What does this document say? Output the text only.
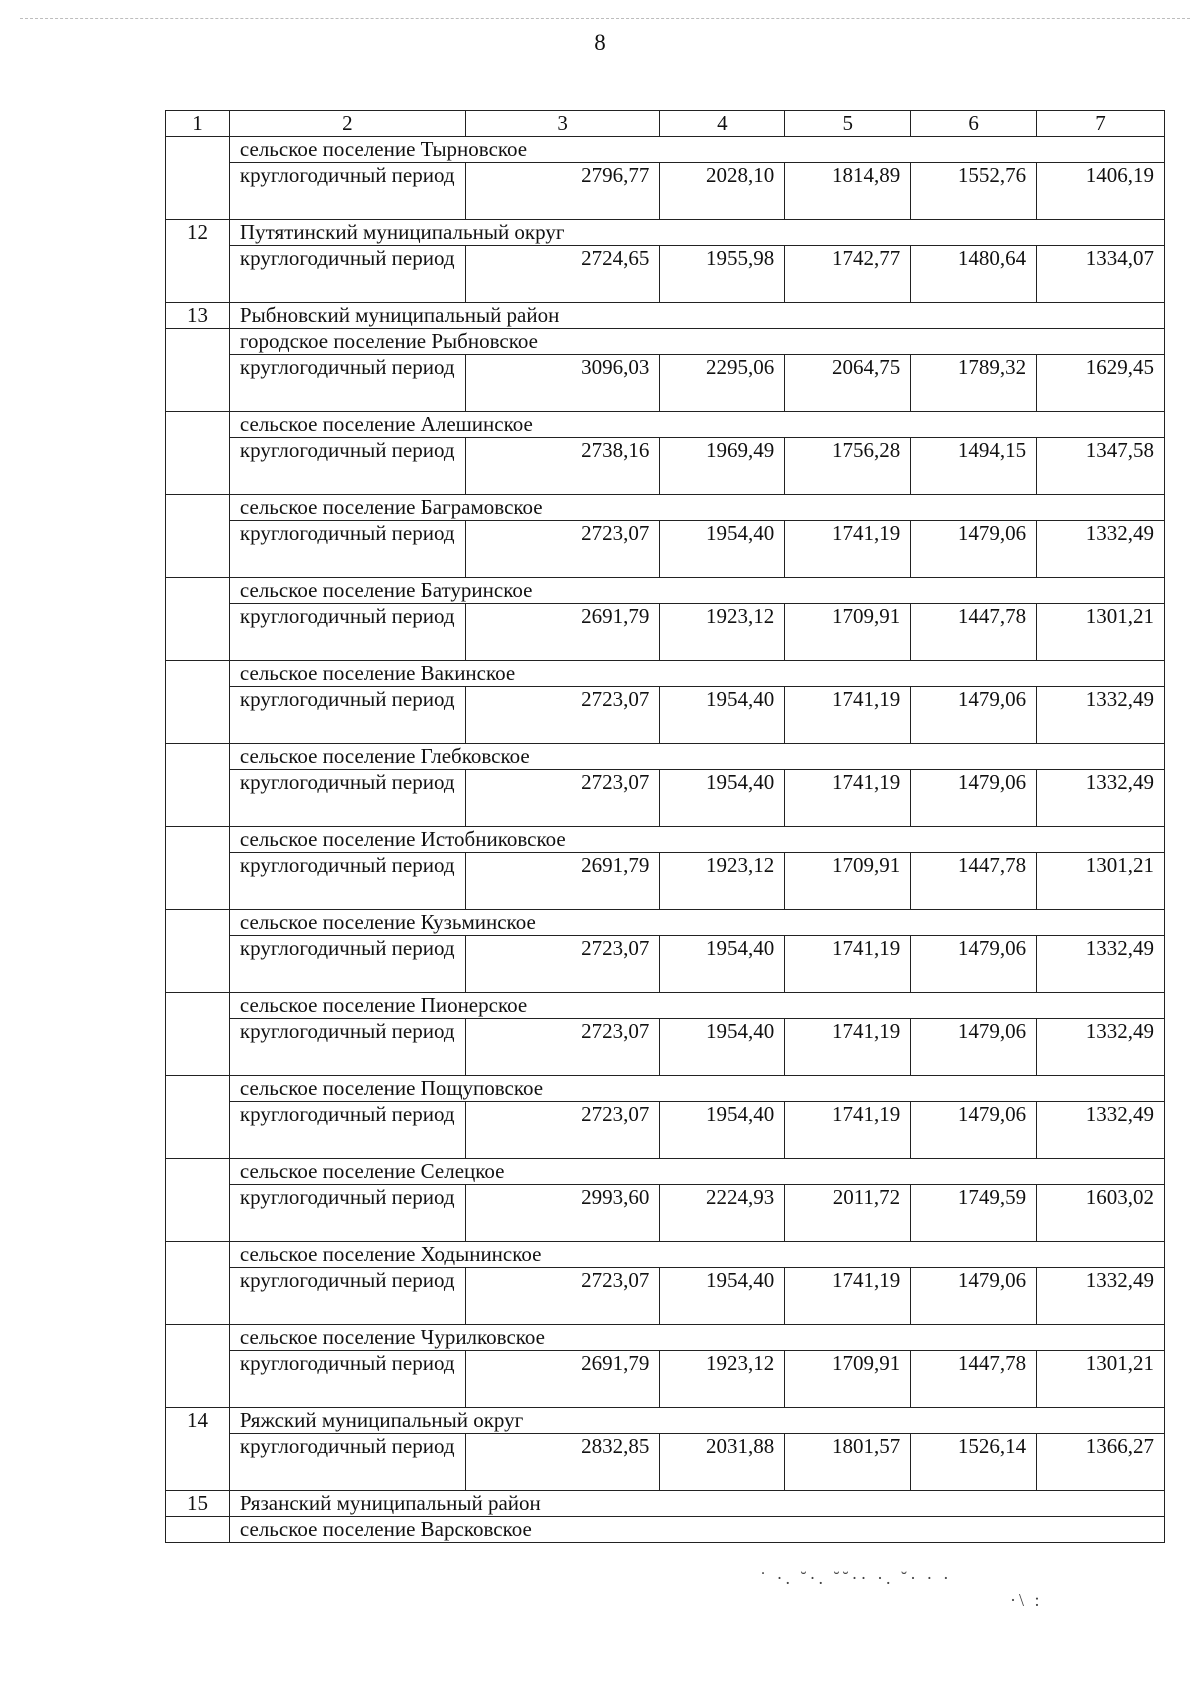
8
1	2	3	4	5	6	7
	сельское поселение Тырновское					
	круглогодичный период	2796,77	2028,10	1814,89	1552,76	1406,19
12	Путятинский муниципальный округ					
	круглогодичный период	2724,65	1955,98	1742,77	1480,64	1334,07
13	Рыбновский муниципальный район					
	городское поселение Рыбновское					
	круглогодичный период	3096,03	2295,06	2064,75	1789,32	1629,45
	сельское поселение Алешинское					
	круглогодичный период	2738,16	1969,49	1756,28	1494,15	1347,58
	сельское поселение Баграмовское					
	круглогодичный период	2723,07	1954,40	1741,19	1479,06	1332,49
	сельское поселение Батуринское					
	круглогодичный период	2691,79	1923,12	1709,91	1447,78	1301,21
	сельское поселение Вакинское					
	круглогодичный период	2723,07	1954,40	1741,19	1479,06	1332,49
	сельское поселение Глебковское					
	круглогодичный период	2723,07	1954,40	1741,19	1479,06	1332,49
	сельское поселение Истобниковское					
	круглогодичный период	2691,79	1923,12	1709,91	1447,78	1301,21
	сельское поселение Кузьминское					
	круглогодичный период	2723,07	1954,40	1741,19	1479,06	1332,49
	сельское поселение Пионерское					
	круглогодичный период	2723,07	1954,40	1741,19	1479,06	1332,49
	сельское поселение Пощуповское					
	круглогодичный период	2723,07	1954,40	1741,19	1479,06	1332,49
	сельское поселение Селецкое					
	круглогодичный период	2993,60	2224,93	2011,72	1749,59	1603,02
	сельское поселение Ходынинское					
	круглогодичный период	2723,07	1954,40	1741,19	1479,06	1332,49
	сельское поселение Чурилковское					
	круглогодичный период	2691,79	1923,12	1709,91	1447,78	1301,21
14	Ряжский муниципальный округ					
	круглогодичный период	2832,85	2031,88	1801,57	1526,14	1366,27
15	Рязанский муниципальный район					
	сельское поселение Варсковское					
˙ ·. ˘·. ˘˘·· ·. ˘· · ·
·\ :
